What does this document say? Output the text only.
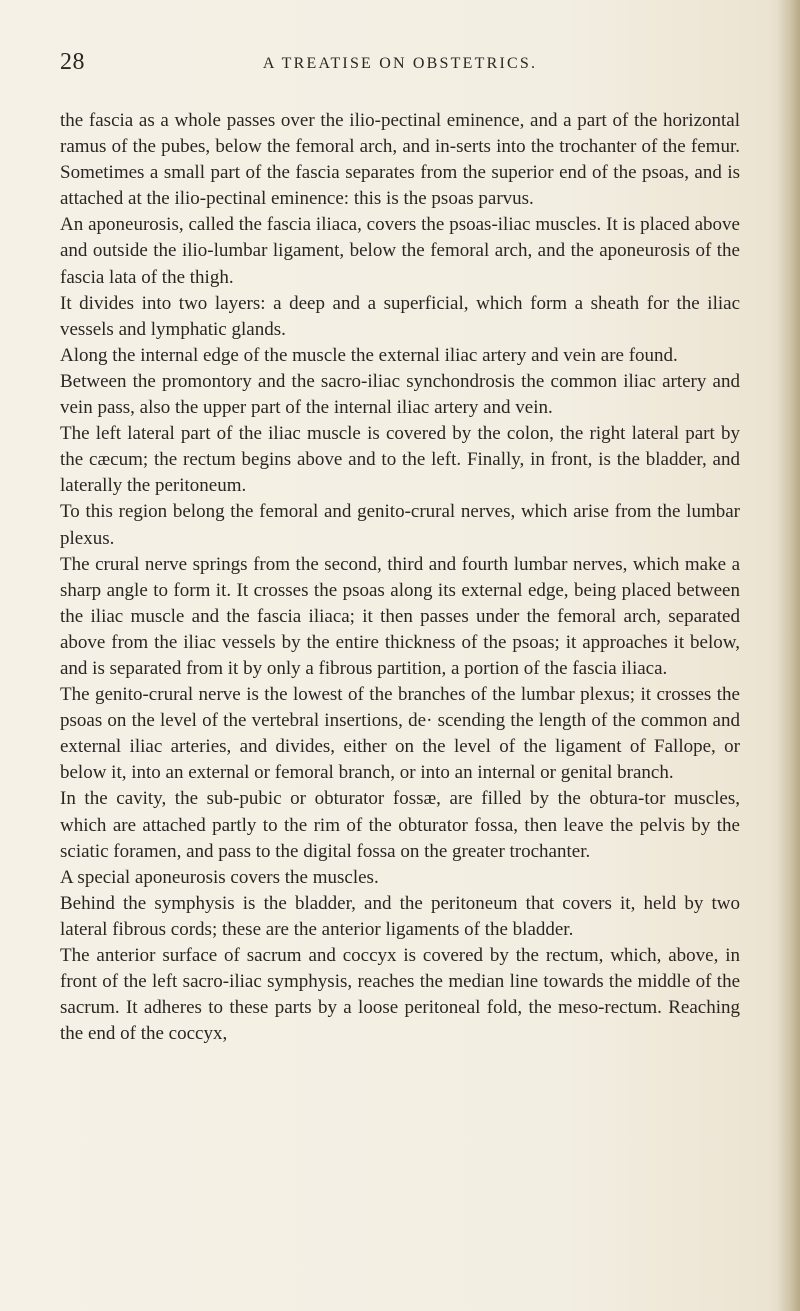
28	A TREATISE ON OBSTETRICS.

the fascia as a whole passes over the ilio-pectinal eminence, and a part of the horizontal ramus of the pubes, below the femoral arch, and in-serts into the trochanter of the femur. Sometimes a small part of the fascia separates from the superior end of the psoas, and is attached at the ilio-pectinal eminence: this is the psoas parvus.

An aponeurosis, called the fascia iliaca, covers the psoas-iliac muscles. It is placed above and outside the ilio-lumbar ligament, below the femoral arch, and the aponeurosis of the fascia lata of the thigh.

It divides into two layers: a deep and a superficial, which form a sheath for the iliac vessels and lymphatic glands.

Along the internal edge of the muscle the external iliac artery and vein are found.

Between the promontory and the sacro-iliac synchondrosis the common iliac artery and vein pass, also the upper part of the internal iliac artery and vein.

The left lateral part of the iliac muscle is covered by the colon, the right lateral part by the cæcum; the rectum begins above and to the left. Finally, in front, is the bladder, and laterally the peritoneum.

To this region belong the femoral and genito-crural nerves, which arise from the lumbar plexus.

The crural nerve springs from the second, third and fourth lumbar nerves, which make a sharp angle to form it. It crosses the psoas along its external edge, being placed between the iliac muscle and the fascia iliaca; it then passes under the femoral arch, separated above from the iliac vessels by the entire thickness of the psoas; it approaches it below, and is separated from it by only a fibrous partition, a portion of the fascia iliaca.

The genito-crural nerve is the lowest of the branches of the lumbar plexus; it crosses the psoas on the level of the vertebral insertions, de· scending the length of the common and external iliac arteries, and divides, either on the level of the ligament of Fallope, or below it, into an external or femoral branch, or into an internal or genital branch.

In the cavity, the sub-pubic or obturator fossæ, are filled by the obtura-tor muscles, which are attached partly to the rim of the obturator fossa, then leave the pelvis by the sciatic foramen, and pass to the digital fossa on the greater trochanter.

A special aponeurosis covers the muscles.

Behind the symphysis is the bladder, and the peritoneum that covers it, held by two lateral fibrous cords; these are the anterior ligaments of the bladder.

The anterior surface of sacrum and coccyx is covered by the rectum, which, above, in front of the left sacro-iliac symphysis, reaches the median line towards the middle of the sacrum. It adheres to these parts by a loose peritoneal fold, the meso-rectum. Reaching the end of the coccyx,
